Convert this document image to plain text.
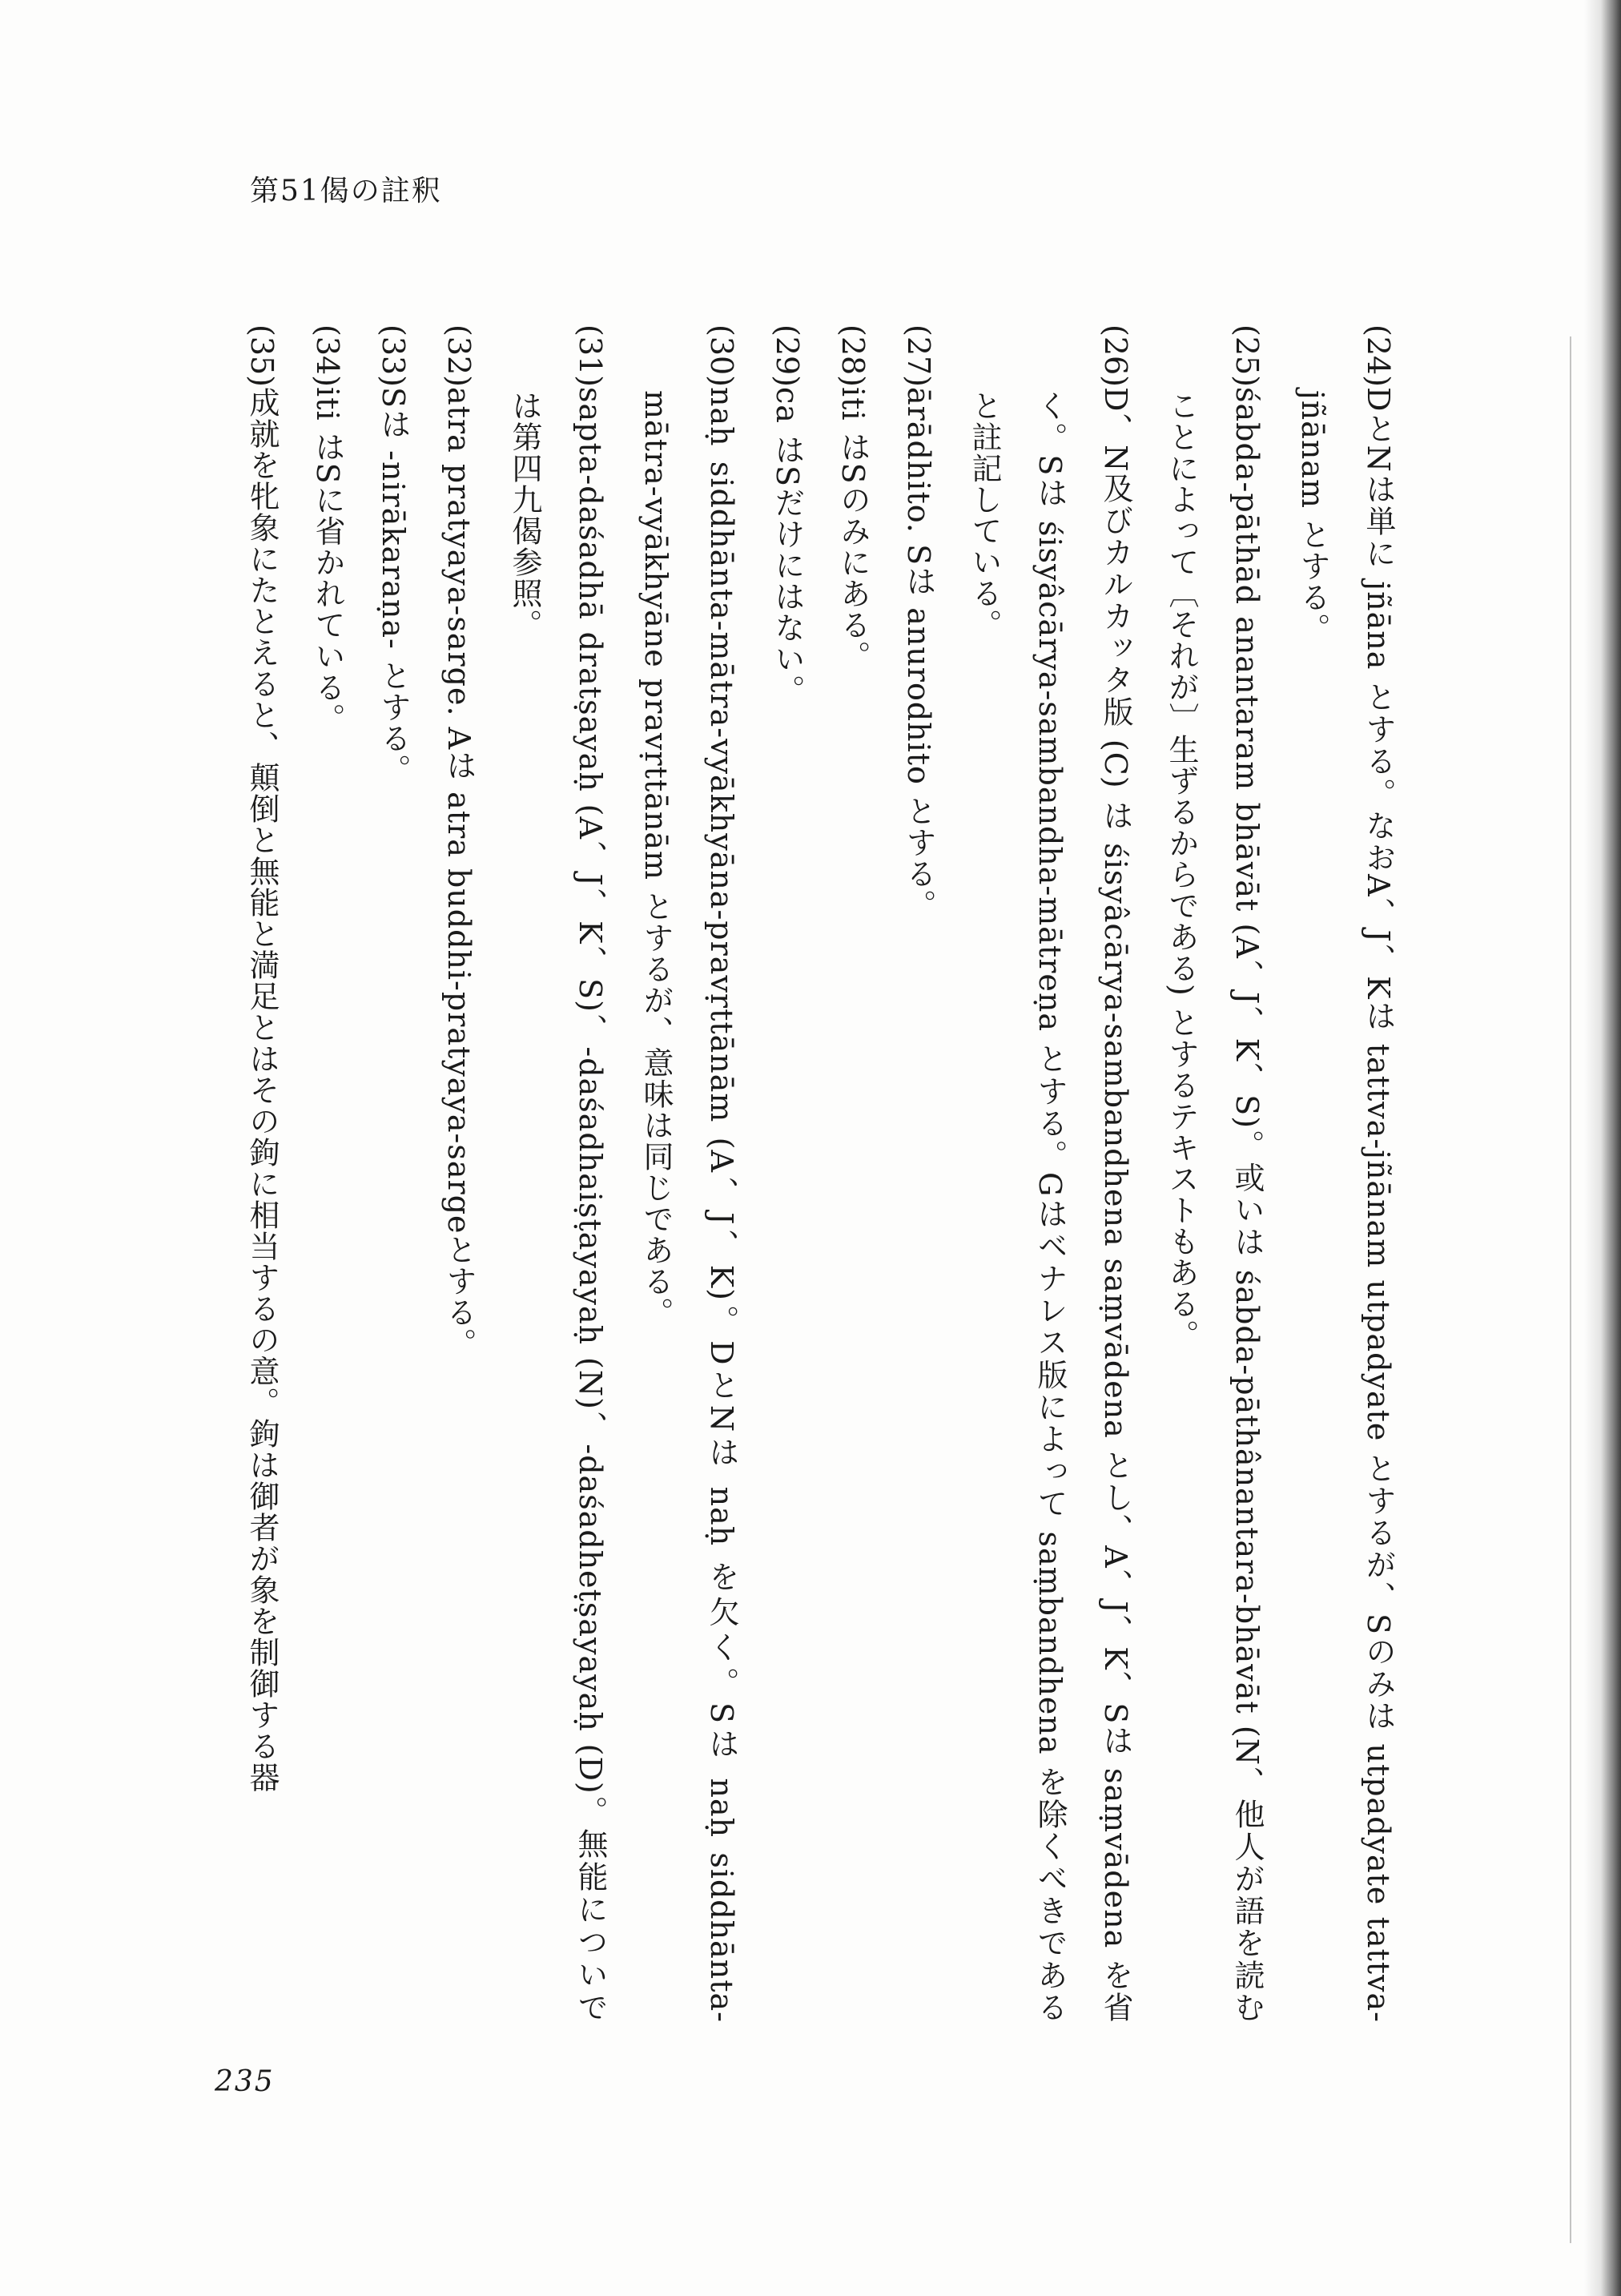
第51偈の註釈

(24)DとNは単に jñāna とする。なおA、J、Kは tattva-jñānam utpadyate とするが、Sのみは utpadyate tattva-jñānam とする。

(25)śabda-pāthād anantaram bhāvāt (A、J、K、S)。或いは śabda-pāthânantara-bhāvāt (N、他人が語を読むことによって〔それが〕生ずるからである) とするテキストもある。

(26)D、N及びカルカッタ版 (C) は śisyâcārya-sambandhena saṃvādena とし、A、J、K、Sは saṃvādena を省く。Sは śisyâcārya-sambandha-mātreṇa とする。Gはベナレス版によって saṃbandhena を除くべきであると註記している。

(27)ārādhito. Sは anurodhito とする。

(28)iti はSのみにある。

(29)ca はSだけにはない。

(30)naḥ siddhānta-mātra-vyākhyāna-pravṛttānām (A、J、K)。DとNは naḥ を欠く。Sは naḥ siddhānta-mātra-vyākhyāne pravṛttānām とするが、意味は同じである。

(31)sapta-daśadhā dratṣayaḥ (A、J、K、S)、-daśadhaiṣṭayayaḥ (N)、-daśadheṭṣayayaḥ (D)。無能についでは第四九偈参照。

(32)atra pratyaya-sarge. Aは atra buddhi-pratyaya-sargeとする。

(33)Sは -nirākaraṇa- とする。

(34)iti はSに省かれている。

(35)成就を牝象にたとえると、顛倒と無能と満足とはその鉤に相当するの意。鉤は御者が象を制御する器

235
